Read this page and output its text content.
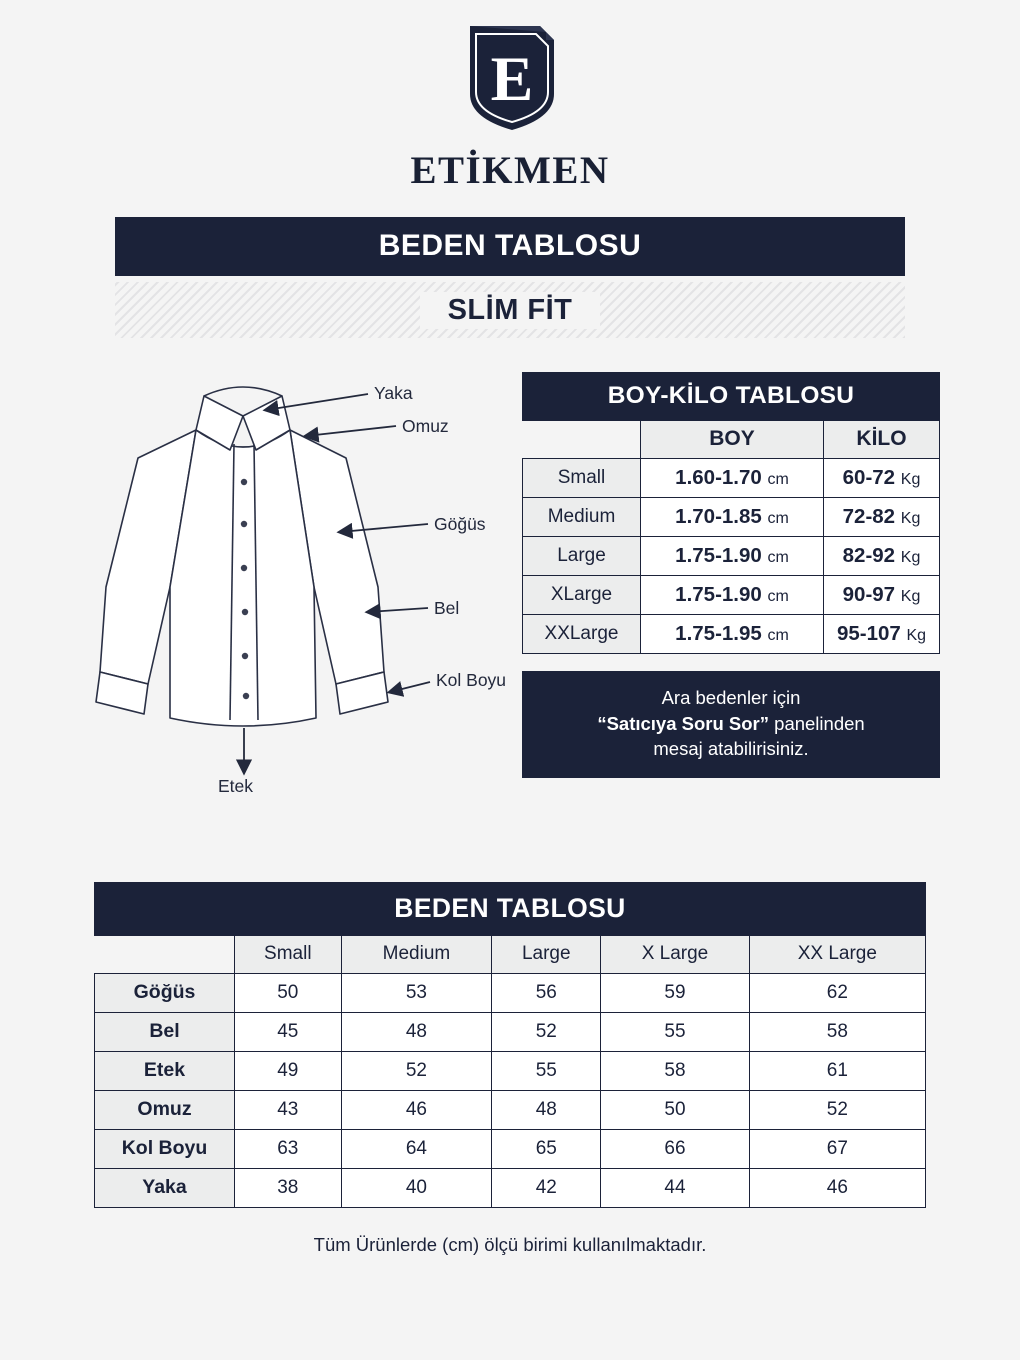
E
ETİKMEN
BEDEN TABLOSU
SLİM FİT
Yaka
Omuz
Göğüs
Bel
Kol Boyu
Etek
BOY-KİLO TABLOSU		
	BOY	KİLO
Small	1.60-1.70 cm	60-72 Kg
Medium	1.70-1.85 cm	72-82 Kg
Large	1.75-1.90 cm	82-92 Kg
XLarge	1.75-1.90 cm	90-97 Kg
XXLarge	1.75-1.95 cm	95-107 Kg
Ara bedenler için
“Satıcıya Soru Sor” panelinden
mesaj atabilirisiniz.
BEDEN TABLOSU					
	Small	Medium	Large	X Large	XX Large
Göğüs	50	53	56	59	62
Bel	45	48	52	55	58
Etek	49	52	55	58	61
Omuz	43	46	48	50	52
Kol Boyu	63	64	65	66	67
Yaka	38	40	42	44	46
Tüm Ürünlerde (cm) ölçü birimi kullanılmaktadır.
